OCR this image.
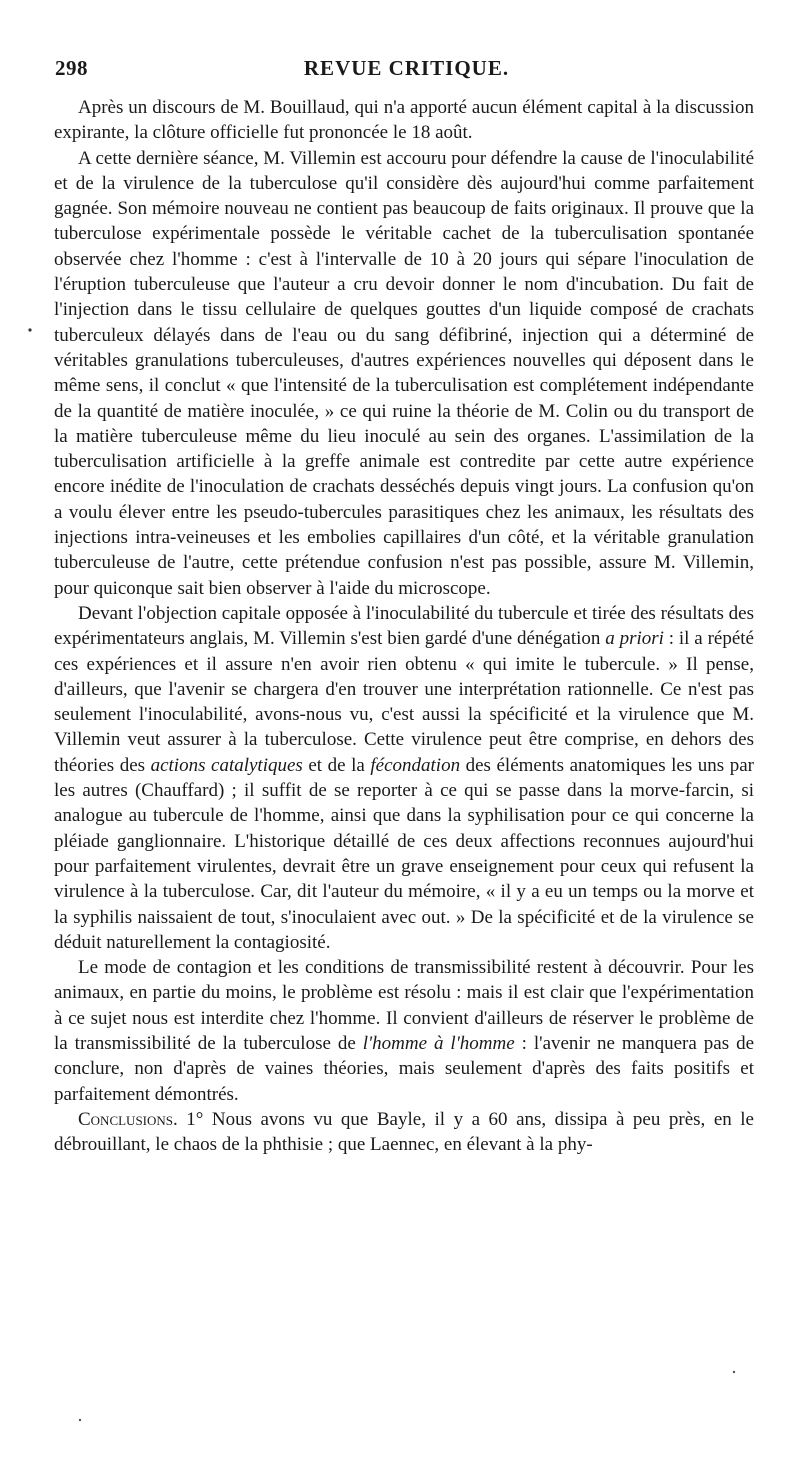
298	REVUE CRITIQUE.

Après un discours de M. Bouillaud, qui n'a apporté aucun élément capital à la discussion expirante, la clôture officielle fut prononcée le 18 août.

A cette dernière séance, M. Villemin est accouru pour défendre la cause de l'inoculabilité et de la virulence de la tuberculose qu'il considère dès aujourd'hui comme parfaitement gagnée. Son mémoire nouveau ne contient pas beaucoup de faits originaux. Il prouve que la tuberculose expérimentale possède le véritable cachet de la tuberculisation spontanée observée chez l'homme : c'est à l'intervalle de 10 à 20 jours qui sépare l'inoculation de l'éruption tuberculeuse que l'auteur a cru devoir donner le nom d'incubation. Du fait de l'injection dans le tissu cellulaire de quelques gouttes d'un liquide composé de crachats tuberculeux délayés dans de l'eau ou du sang défibriné, injection qui a déterminé de véritables granulations tuberculeuses, d'autres expériences nouvelles qui déposent dans le même sens, il conclut « que l'intensité de la tuberculisation est complétement indépendante de la quantité de matière inoculée, » ce qui ruine la théorie de M. Colin ou du transport de la matière tuberculeuse même du lieu inoculé au sein des organes. L'assimilation de la tuberculisation artificielle à la greffe animale est contredite par cette autre expérience encore inédite de l'inoculation de crachats desséchés depuis vingt jours. La confusion qu'on a voulu élever entre les pseudo-tubercules parasitiques chez les animaux, les résultats des injections intra-veineuses et les embolies capillaires d'un côté, et la véritable granulation tuberculeuse de l'autre, cette prétendue confusion n'est pas possible, assure M. Villemin, pour quiconque sait bien observer à l'aide du microscope.

Devant l'objection capitale opposée à l'inoculabilité du tubercule et tirée des résultats des expérimentateurs anglais, M. Villemin s'est bien gardé d'une dénégation a priori : il a répété ces expériences et il assure n'en avoir rien obtenu « qui imite le tubercule. » Il pense, d'ailleurs, que l'avenir se chargera d'en trouver une interprétation rationnelle. Ce n'est pas seulement l'inoculabilité, avons-nous vu, c'est aussi la spécificité et la virulence que M. Villemin veut assurer à la tuberculose. Cette virulence peut être comprise, en dehors des théories des actions catalytiques et de la fécondation des éléments anatomiques les uns par les autres (Chauffard) ; il suffit de se reporter à ce qui se passe dans la morve-farcin, si analogue au tubercule de l'homme, ainsi que dans la syphilisation pour ce qui concerne la pléiade ganglionnaire. L'historique détaillé de ces deux affections reconnues aujourd'hui pour parfaitement virulentes, devrait être un grave enseignement pour ceux qui refusent la virulence à la tuberculose. Car, dit l'auteur du mémoire, « il y a eu un temps ou la morve et la syphilis naissaient de tout, s'inoculaient avec out. » De la spécificité et de la virulence se déduit naturellement la contagiosité.

Le mode de contagion et les conditions de transmissibilité restent à découvrir. Pour les animaux, en partie du moins, le problème est résolu : mais il est clair que l'expérimentation à ce sujet nous est interdite chez l'homme. Il convient d'ailleurs de réserver le problème de la transmissibilité de la tuberculose de l'homme à l'homme : l'avenir ne manquera pas de conclure, non d'après de vaines théories, mais seulement d'après des faits positifs et parfaitement démontrés.

Conclusions. 1° Nous avons vu que Bayle, il y a 60 ans, dissipa à peu près, en le débrouillant, le chaos de la phthisie ; que Laennec, en élevant à la phy-
